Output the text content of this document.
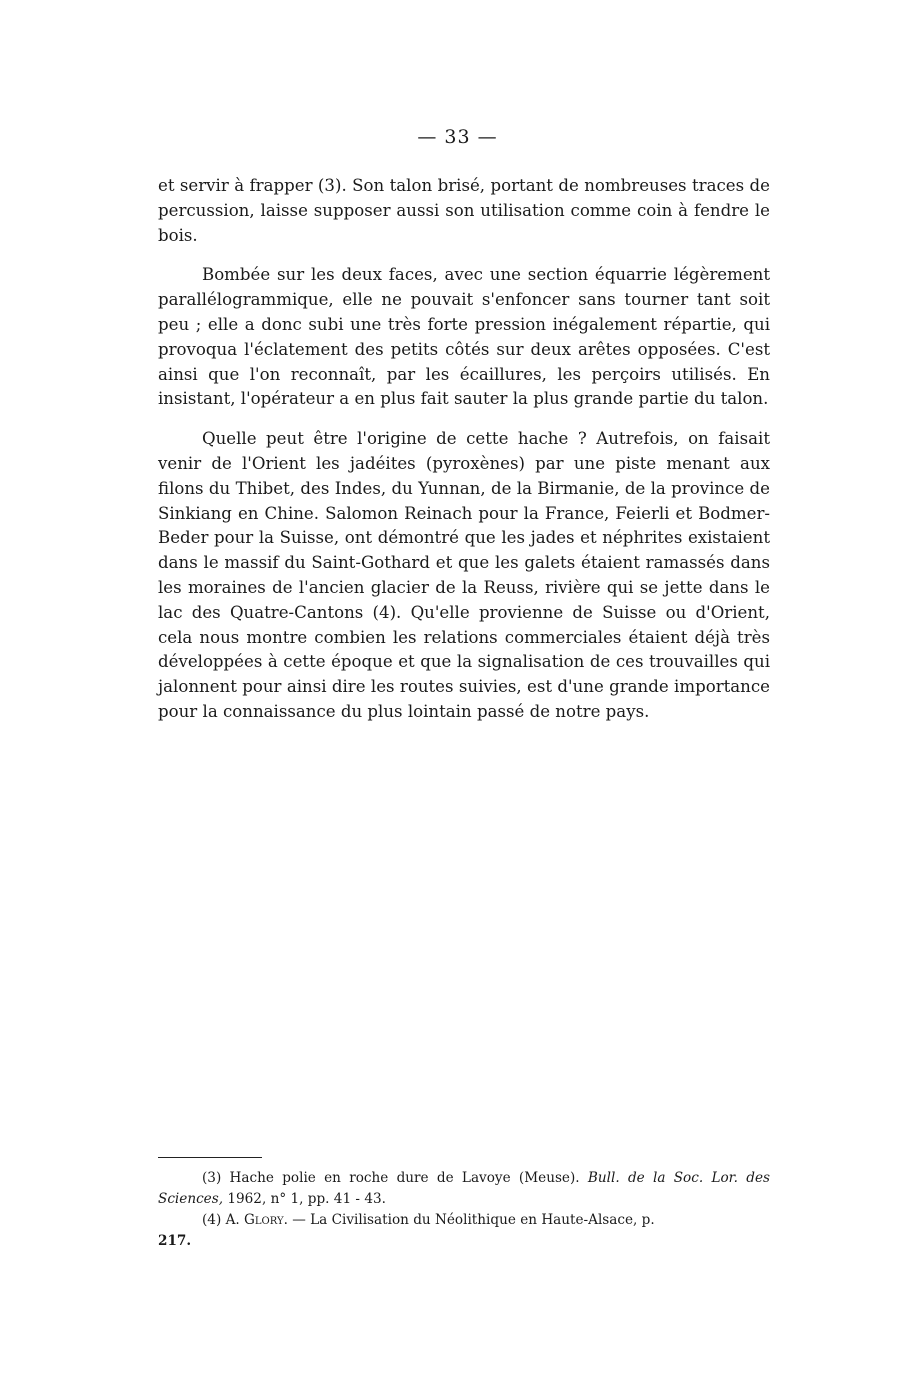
— 33 —

et servir à frapper (3). Son talon brisé, portant de nombreuses traces de percussion, laisse supposer aussi son utilisation comme coin à fendre le bois.

Bombée sur les deux faces, avec une section équarrie légèrement parallélogrammique, elle ne pouvait s'enfoncer sans tourner tant soit peu ; elle a donc subi une très forte pression inégalement répartie, qui provoqua l'éclatement des petits côtés sur deux arêtes opposées. C'est ainsi que l'on reconnaît, par les écaillures, les perçoirs utilisés. En insistant, l'opérateur a en plus fait sauter la plus grande partie du talon.

Quelle peut être l'origine de cette hache ? Autrefois, on faisait venir de l'Orient les jadéites (pyroxènes) par une piste menant aux filons du Thibet, des Indes, du Yunnan, de la Birmanie, de la province de Sinkiang en Chine. Salomon Reinach pour la France, Feierli et Bodmer-Beder pour la Suisse, ont démontré que les jades et néphrites existaient dans le massif du Saint-Gothard et que les galets étaient ramassés dans les moraines de l'ancien glacier de la Reuss, rivière qui se jette dans le lac des Quatre-Cantons (4). Qu'elle provienne de Suisse ou d'Orient, cela nous montre combien les relations commerciales étaient déjà très développées à cette époque et que la signalisation de ces trouvailles qui jalonnent pour ainsi dire les routes suivies, est d'une grande importance pour la connaissance du plus lointain passé de notre pays.

(3) Hache polie en roche dure de Lavoye (Meuse). Bull. de la Soc. Lor. des Sciences, 1962, n° 1, pp. 41 - 43.

(4) A. Glory. — La Civilisation du Néolithique en Haute-Alsace, p.

217.
